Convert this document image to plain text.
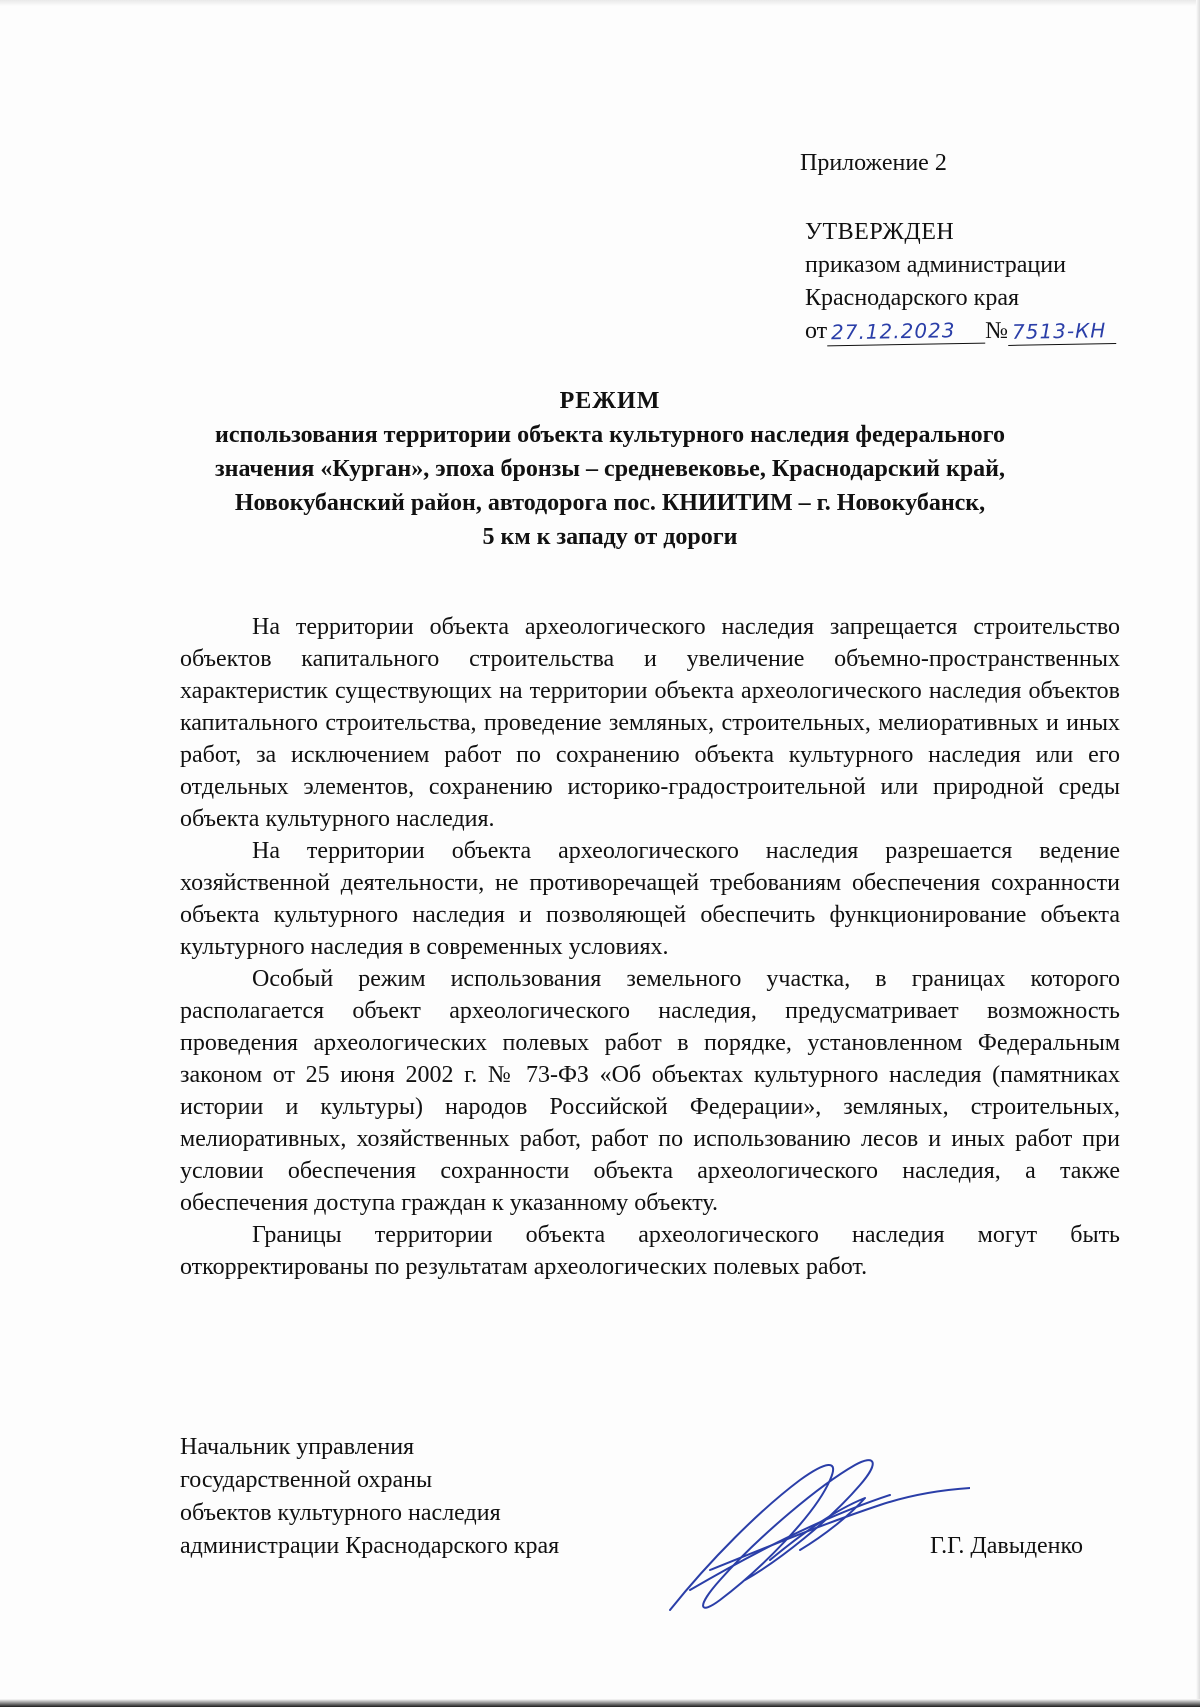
Приложение 2
УТВЕРЖДЕН
приказом администрации
Краснодарского края
от 27.12.2023 № 7513-КН
РЕЖИМ
использования территории объекта культурного наследия федерального
значения «Курган», эпоха бронзы – средневековье, Краснодарский край,
Новокубанский район, автодорога пос. КНИИТИМ – г. Новокубанск,
5 км к западу от дороги

На территории объекта археологического наследия запрещается строительство объектов капитального строительства и увеличение объемно-пространственных характеристик существующих на территории объекта археологического наследия объектов капитального строительства, проведение земляных, строительных, мелиоративных и иных работ, за исключением работ по сохранению объекта культурного наследия или его отдельных элементов, сохранению историко-градостроительной или природной среды объекта культурного наследия.

На территории объекта археологического наследия разрешается ведение хозяйственной деятельности, не противоречащей требованиям обеспечения сохранности объекта культурного наследия и позволяющей обеспечить функционирование объекта культурного наследия в современных условиях.

Особый режим использования земельного участка, в границах которого располагается объект археологического наследия, предусматривает возможность проведения археологических полевых работ в порядке, установленном Федеральным законом от 25 июня 2002 г. № 73-ФЗ «Об объектах культурного наследия (памятниках истории и культуры) народов Российской Федерации», земляных, строительных, мелиоративных, хозяйственных работ, работ по использованию лесов и иных работ при условии обеспечения сохранности объекта археологического наследия, а также обеспечения доступа граждан к указанному объекту.

Границы территории объекта археологического наследия могут быть откорректированы по результатам археологических полевых работ.

Начальник управления
государственной охраны
объектов культурного наследия
администрации Краснодарского края	Г.Г. Давыденко
